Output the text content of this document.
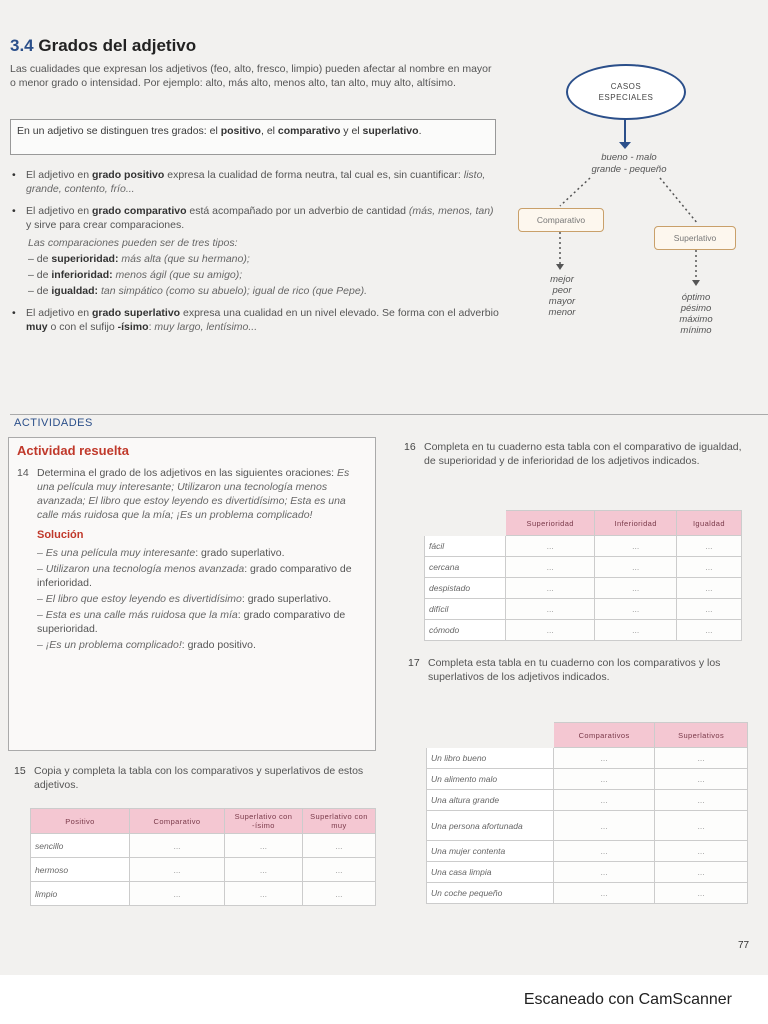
3.4 Grados del adjetivo
Las cualidades que expresan los adjetivos (feo, alto, fresco, limpio) pueden afectar al nombre en mayor o menor grado o intensidad. Por ejemplo: alto, más alto, menos alto, tan alto, muy alto, altísimo.
En un adjetivo se distinguen tres grados: el positivo, el comparativo y el superlativo.
• El adjetivo en grado positivo expresa la cualidad de forma neutra, tal cual es, sin cuantificar: listo, grande, contento, frío...
• El adjetivo en grado comparativo está acompañado por un adverbio de cantidad (más, menos, tan) y sirve para crear comparaciones.
Las comparaciones pueden ser de tres tipos:
– de superioridad: más alta (que su hermano);
– de inferioridad: menos ágil (que su amigo);
– de igualdad: tan simpático (como su abuelo); igual de rico (que Pepe).
• El adjetivo en grado superlativo expresa una cualidad en un nivel elevado. Se forma con el adverbio muy o con el sufijo -ísimo: muy largo, lentísimo...
CASOS
ESPECIALES
bueno - malo
grande - pequeño
Comparativo
Superlativo
mejor
peor
mayor
menor
óptimo
pésimo
máximo
mínimo
ACTIVIDADES
Actividad resuelta
14 Determina el grado de los adjetivos en las siguientes oraciones: Es una película muy interesante; Utilizaron una tecnología menos avanzada; El libro que estoy leyendo es divertidísimo; Esta es una calle más ruidosa que la mía; ¡Es un problema complicado!
Solución
– Es una película muy interesante: grado superlativo.
– Utilizaron una tecnología menos avanzada: grado comparativo de inferioridad.
– El libro que estoy leyendo es divertidísimo: grado superlativo.
– Esta es una calle más ruidosa que la mía: grado comparativo de superioridad.
– ¡Es un problema complicado!: grado positivo.
15 Copia y completa la tabla con los comparativos y superlativos de estos adjetivos.
Positivo	Comparativo	Superlativo con -ísimo	Superlativo con muy
sencillo	...	...	...
hermoso	...	...	...
limpio	...	...	...
16 Completa en tu cuaderno esta tabla con el comparativo de igualdad, de superioridad y de inferioridad de los adjetivos indicados.
	Superioridad	Inferioridad	Igualdad
fácil	...	...	...
cercana	...	...	...
despistado	...	...	...
difícil	...	...	...
cómodo	...	...	...
17 Completa esta tabla en tu cuaderno con los comparativos y los superlativos de los adjetivos indicados.
	Comparativos	Superlativos
Un libro bueno	...	...
Un alimento malo	...	...
Una altura grande	...	...
Una persona afortunada	...	...
Una mujer contenta	...	...
Una casa limpia	...	...
Un coche pequeño	...	...
77
Escaneado con CamScanner
